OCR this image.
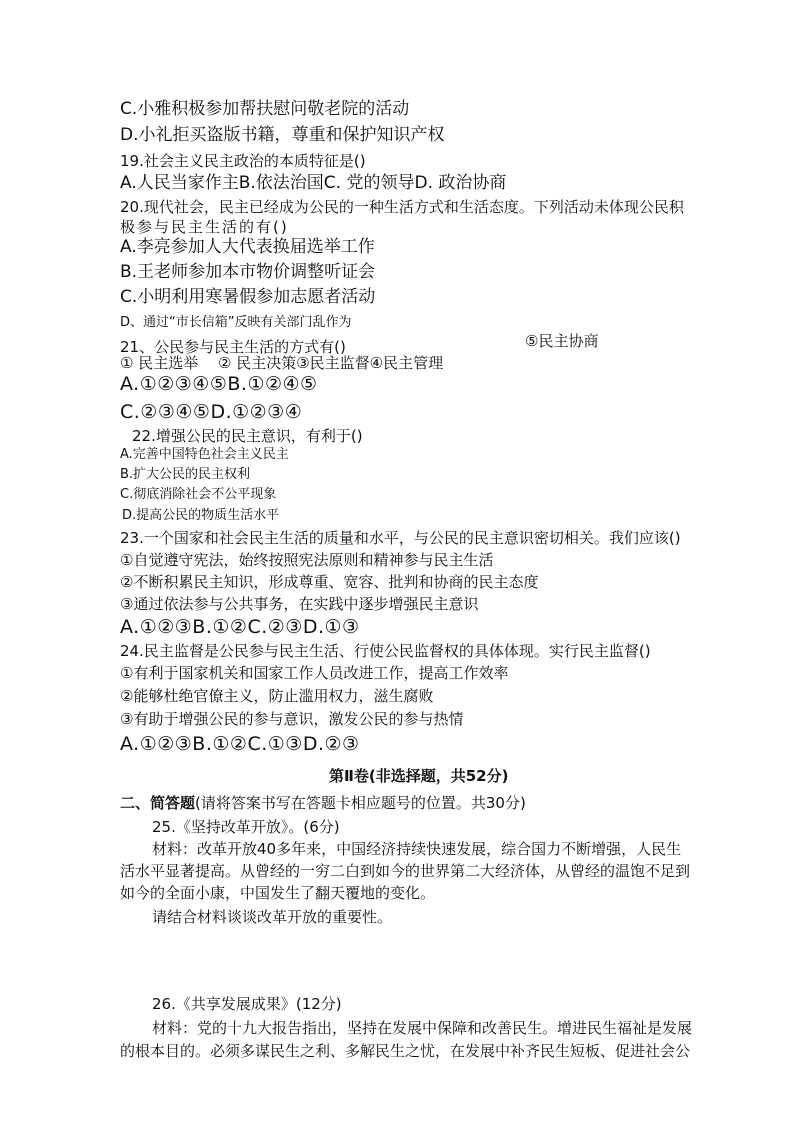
C.小雅积极参加帮扶慰问敬老院的活动
D.小礼拒买盗版书籍，尊重和保护知识产权
19.社会主义民主政治的本质特征是()
A.人民当家作主B.依法治国C. 党的领导D. 政治协商
20.现代社会，民主已经成为公民的一种生活方式和生活态度。下列活动未体现公民积
极参与民主生活的有()
A.李亮参加人大代表换届选举工作
B.王老师参加本市物价调整听证会
C.小明利用寒暑假参加志愿者活动
D、通过“市长信箱”反映有关部门乱作为
21、公民参与民主生活的方式有()	⑤民主协商
① 民主选举　 ② 民主决策③民主监督④民主管理
A.①②③④⑤B.①②④⑤
C.②③④⑤D.①②③④
22.增强公民的民主意识，有利于()
A.完善中国特色社会主义民主
B.扩大公民的民主权利
C.彻底消除社会不公平现象
D.提高公民的物质生活水平
23.一个国家和社会民主生活的质量和水平，与公民的民主意识密切相关。我们应该()
①自觉遵守宪法，始终按照宪法原则和精神参与民主生活
②不断积累民主知识，形成尊重、宽容、批判和协商的民主态度
③通过依法参与公共事务，在实践中逐步增强民主意识
A.①②③B.①②C.②③D.①③
24.民主监督是公民参与民主生活、行使公民监督权的具体体现。实行民主监督()
①有利于国家机关和国家工作人员改进工作，提高工作效率
②能够杜绝官僚主义，防止滥用权力，滋生腐败
③有助于增强公民的参与意识，激发公民的参与热情
A.①②③B.①②C.①③D.②③
第Ⅱ卷(非选择题，共52分)
二、简答题(请将答案书写在答题卡相应题号的位置。共30分)
25.《坚持改革开放》。(6分)
材料：改革开放40多年来，中国经济持续快速发展，综合国力不断增强，人民生
活水平显著提高。从曾经的一穷二白到如今的世界第二大经济体，从曾经的温饱不足到
如今的全面小康，中国发生了翻天覆地的变化。
请结合材料谈谈改革开放的重要性。
26.《共享发展成果》(12分)
材料：党的十九大报告指出，坚持在发展中保障和改善民生。增进民生福祉是发展
的根本目的。必须多谋民生之利、多解民生之忧，在发展中补齐民生短板、促进社会公
